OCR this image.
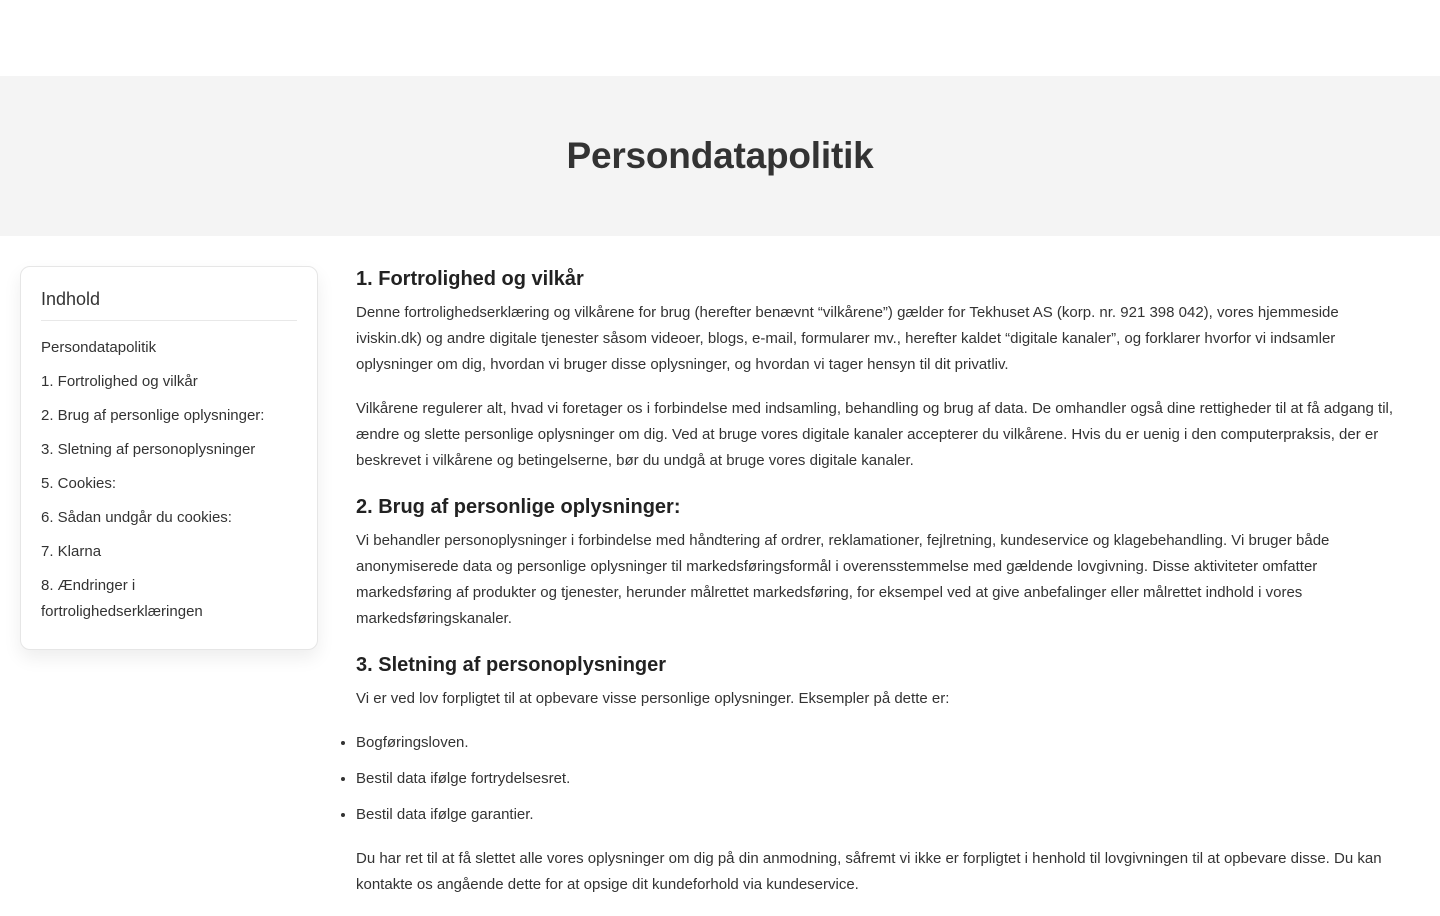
Persondatapolitik
Indhold
Persondatapolitik
1. Fortrolighed og vilkår
2. Brug af personlige oplysninger:
3. Sletning af personoplysninger
5. Cookies:
6. Sådan undgår du cookies:
7. Klarna
8. Ændringer i fortrolighedserklæringen
1. Fortrolighed og vilkår

Denne fortrolighedserklæring og vilkårene for brug (herefter benævnt “vilkårene”) gælder for Tekhuset AS (korp. nr. 921 398 042), vores hjemmeside iviskin.dk) og andre digitale tjenester såsom videoer, blogs, e-mail, formularer mv., herefter kaldet “digitale kanaler”, og forklarer hvorfor vi indsamler oplysninger om dig, hvordan vi bruger disse oplysninger, og hvordan vi tager hensyn til dit privatliv.

Vilkårene regulerer alt, hvad vi foretager os i forbindelse med indsamling, behandling og brug af data. De omhandler også dine rettigheder til at få adgang til, ændre og slette personlige oplysninger om dig. Ved at bruge vores digitale kanaler accepterer du vilkårene. Hvis du er uenig i den computerpraksis, der er beskrevet i vilkårene og betingelserne, bør du undgå at bruge vores digitale kanaler.

2. Brug af personlige oplysninger:

Vi behandler personoplysninger i forbindelse med håndtering af ordrer, reklamationer, fejlretning, kundeservice og klagebehandling. Vi bruger både anonymiserede data og personlige oplysninger til markedsføringsformål i overensstemmelse med gældende lovgivning. Disse aktiviteter omfatter markedsføring af produkter og tjenester, herunder målrettet markedsføring, for eksempel ved at give anbefalinger eller målrettet indhold i vores markedsføringskanaler.

3. Sletning af personoplysninger

Vi er ved lov forpligtet til at opbevare visse personlige oplysninger. Eksempler på dette er:

• Bogføringsloven.
• Bestil data ifølge fortrydelsesret.
• Bestil data ifølge garantier.

Du har ret til at få slettet alle vores oplysninger om dig på din anmodning, såfremt vi ikke er forpligtet i henhold til lovgivningen til at opbevare disse. Du kan kontakte os angående dette for at opsige dit kundeforhold via kundeservice.
